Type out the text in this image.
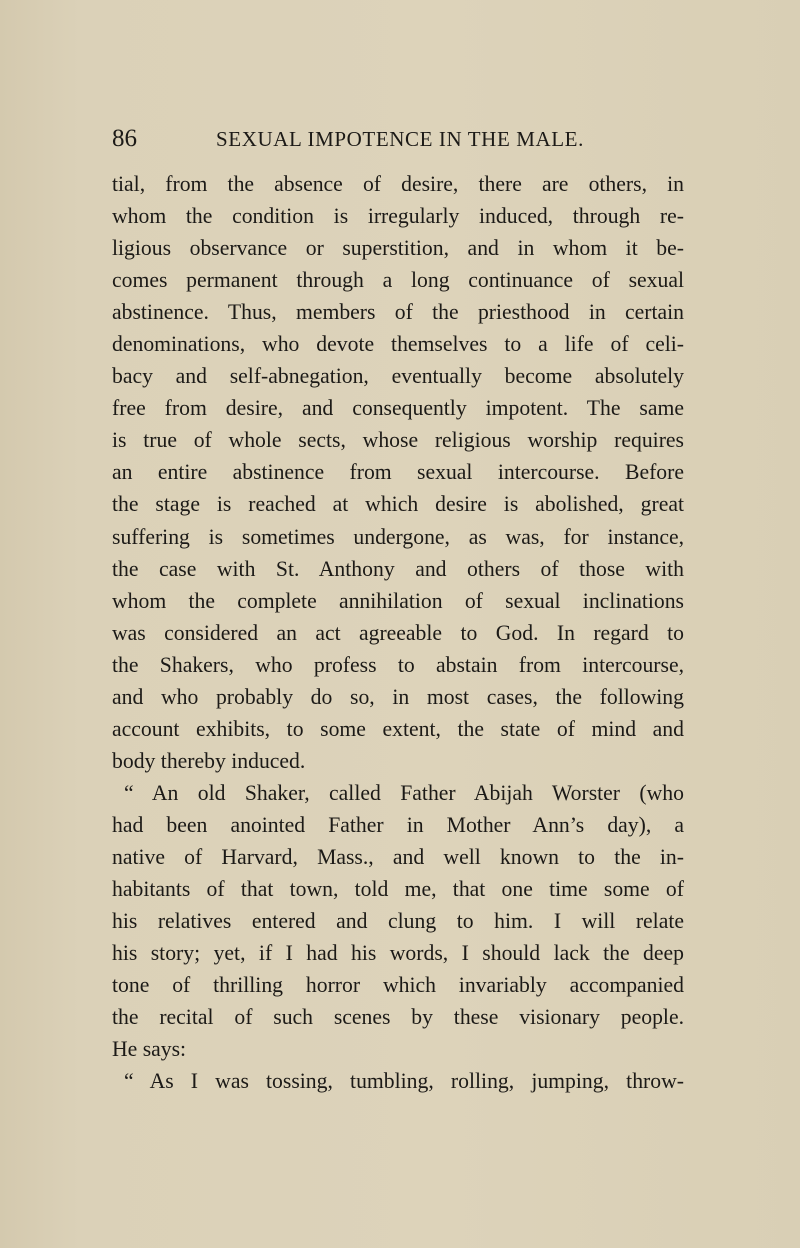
86	SEXUAL IMPOTENCE IN THE MALE.
tial, from the absence of desire, there are others, in
whom the condition is irregularly induced, through re-
ligious observance or superstition, and in whom it be-
comes permanent through a long continuance of sexual
abstinence. Thus, members of the priesthood in certain
denominations, who devote themselves to a life of celi-
bacy and self-abnegation, eventually become absolutely
free from desire, and consequently impotent. The same
is true of whole sects, whose religious worship requires
an entire abstinence from sexual intercourse. Before
the stage is reached at which desire is abolished, great
suffering is sometimes undergone, as was, for instance,
the case with St. Anthony and others of those with
whom the complete annihilation of sexual inclinations
was considered an act agreeable to God. In regard to
the Shakers, who profess to abstain from intercourse,
and who probably do so, in most cases, the following
account exhibits, to some extent, the state of mind and
body thereby induced.
“ An old Shaker, called Father Abijah Worster (who
had been anointed Father in Mother Ann’s day), a
native of Harvard, Mass., and well known to the in-
habitants of that town, told me, that one time some of
his relatives entered and clung to him. I will relate
his story; yet, if I had his words, I should lack the deep
tone of thrilling horror which invariably accompanied
the recital of such scenes by these visionary people.
He says:
“ As I was tossing, tumbling, rolling, jumping, throw-
